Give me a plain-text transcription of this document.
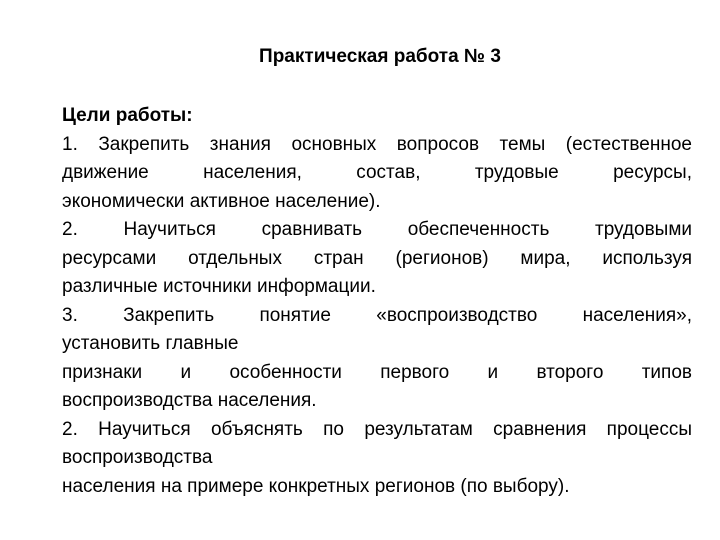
Практическая работа № 3
Цели работы:
1. Закрепить знания основных вопросов темы (естественное
движение населения, состав, трудовые ресурсы,
экономически активное население).
2. Научиться сравнивать обеспеченность трудовыми
ресурсами отдельных стран (регионов) мира, используя
различные источники информации.
3. Закрепить понятие «воспроизводство населения»,
установить главные
признаки и особенности первого и второго типов
воспроизводства населения.
2. Научиться объяснять по результатам сравнения процессы
воспроизводства
населения на примере конкретных регионов (по выбору).
